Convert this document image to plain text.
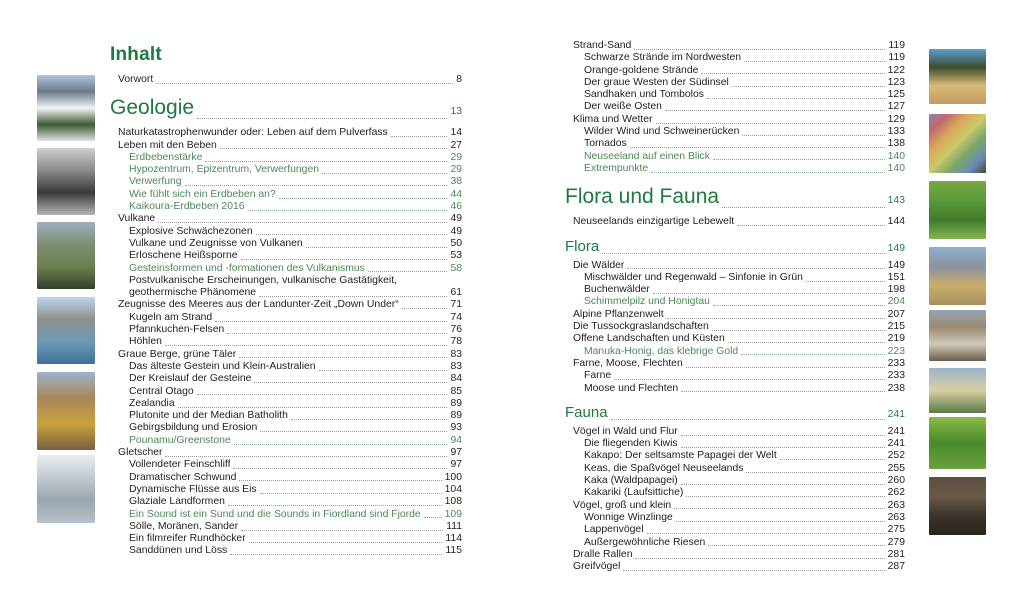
Inhalt
Vorwort	8
Geologie	13
Naturkatastrophenwunder oder: Leben auf dem Pulverfass	14
Leben mit den Beben	27
Erdbebenstärke	29
Hypozentrum, Epizentrum, Verwerfungen	29
Verwerfung	38
Wie fühlt sich ein Erdbeben an?	44
Kaikoura-Erdbeben 2016	46
Vulkane	49
Explosive Schwächezonen	49
Vulkane und Zeugnisse von Vulkanen	50
Erloschene Heißsporne	53
Gesteinsformen und -formationen des Vulkanismus	58
Postvulkanische Erscheinungen, vulkanische Gastätigkeit,
geothermische Phänomene	61
Zeugnisse des Meeres aus der Landunter-Zeit „Down Under“	71
Kugeln am Strand	74
Pfannkuchen-Felsen	76
Höhlen	78
Graue Berge, grüne Täler	83
Das älteste Gestein und Klein-Australien	83
Der Kreislauf der Gesteine	84
Central Otago	85
Zealandia	89
Plutonite und der Median Batholith	89
Gebirgsbildung und Erosion	93
Pounamu/Greenstone	94
Gletscher	97
Vollendeter Feinschliff	97
Dramatischer Schwund	100
Dynamische Flüsse aus Eis	104
Glaziale Landformen	108
Ein Sound ist ein Sund und die Sounds in Fiordland sind Fjorde 109
Sölle, Moränen, Sander	111
Ein filmreifer Rundhöcker	114
Sanddünen und Löss	115
Strand-Sand	119
Schwarze Strände im Nordwesten	119
Orange-goldene Strände	122
Der graue Westen der Südinsel	123
Sandhaken und Tombolos	125
Der weiße Osten	127
Klima und Wetter	129
Wilder Wind und Schweinerücken	133
Tornados	138
Neuseeland auf einen Blick	140
Extrempunkte	140
Flora und Fauna	143
Neuseelands einzigartige Lebewelt	144
Flora	149
Die Wälder	149
Mischwälder und Regenwald – Sinfonie in Grün	151
Buchenwälder	198
Schimmelpilz und Honigtau	204
Alpine Pflanzenwelt	207
Die Tussockgraslandschaften	215
Offene Landschaften und Küsten	219
Manuka-Honig, das klebrige Gold	223
Farne, Moose, Flechten	233
Farne	233
Moose und Flechten	238
Fauna	241
Vögel in Wald und Flur	241
Die fliegenden Kiwis	241
Kakapo: Der seltsamste Papagei der Welt	252
Keas, die Spaßvögel Neuseelands	255
Kaka (Waldpapagei)	260
Kakariki (Laufsittiche)	262
Vögel, groß und klein	263
Wonnige Winzlinge	263
Lappenvögel	275
Außergewöhnliche Riesen	279
Dralle Rallen	281
Greifvögel	287
